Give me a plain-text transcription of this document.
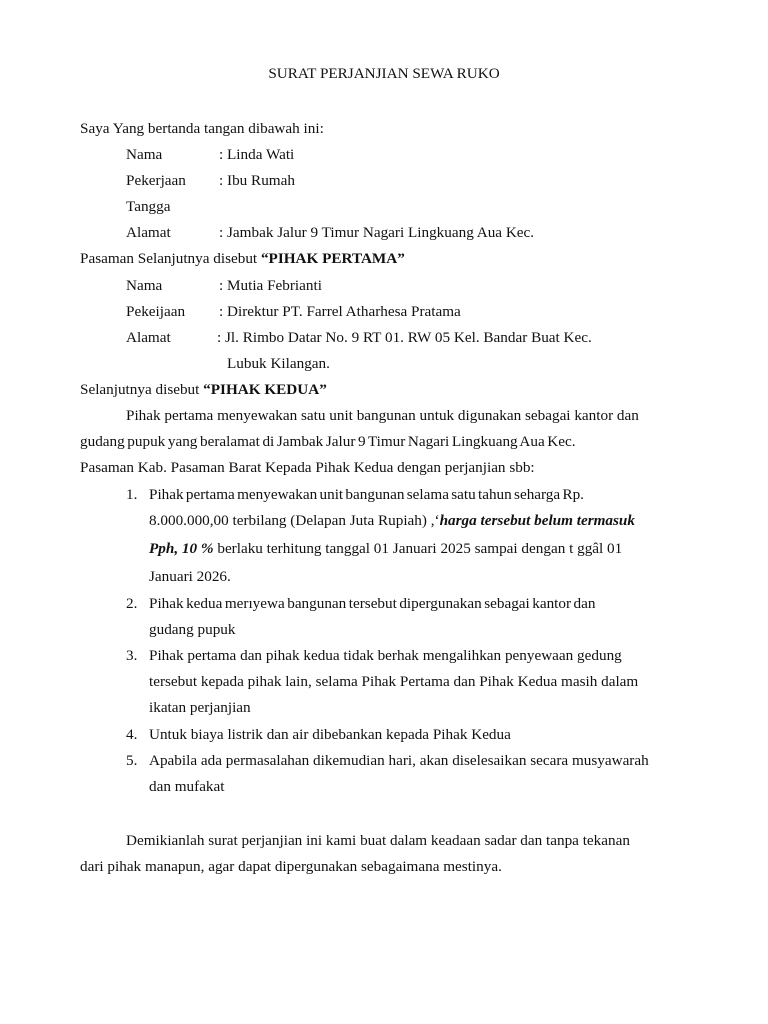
SURAT PERJANJIAN SEWA RUKO
Saya Yang bertanda tangan dibawah ini:
Nama	: Linda Wati
Pekerjaan : Ibu Rumah
Tangga
Alamat	: Jambak Jalur 9 Timur Nagari Lingkuang Aua Kec.
Pasaman Selanjutnya disebut “PIHAK PERTAMA”
Nama	: Mutia Febrianti
Pekeijaan : Direktur PT. Farrel Atharhesa Pratama
Alamat	: Jl. Rimbo Datar No. 9 RT 01. RW 05 Kel. Bandar Buat Kec.
Lubuk Kilangan.
Selanjutnya disebut “PIHAK KEDUA”
Pihak pertama menyewakan satu unit bangunan untuk digunakan sebagai kantor dan
gudang pupuk yang beralamat di Jambak Jalur 9 Timur Nagari Lingkuang Aua Kec.
Pasaman Kab. Pasaman Barat Kepada Pihak Kedua dengan perjanjian sbb:
1. Pihak pertama menyewakan unit bangunan selama satu tahun seharga Rp.
8.000.000,00 terbilang (Delapan Juta Rupiah) ,‘harga tersebut belum termasuk
Pph, 10 % berlaku terhitung tanggal 01 Januari 2025 sampai dengan t ggâl 01
Januari 2026.
2. Pihak kedua merıyewa bangunan tersebut dipergunakan sebagai kantor dan
gudang pupuk
3. Pihak pertama dan pihak kedua tidak berhak mengalihkan penyewaan gedung
tersebut kepada pihak lain, selama Pihak Pertama dan Pihak Kedua masih dalam
ikatan perjanjian
4. Untuk biaya listrik dan air dibebankan kepada Pihak Kedua
5. Apabila ada permasalahan dikemudian hari, akan diselesaikan secara musyawarah
dan mufakat
Demikianlah surat perjanjian ini kami buat dalam keadaan sadar dan tanpa tekanan
dari pihak manapun, agar dapat dipergunakan sebagaimana mestinya.
